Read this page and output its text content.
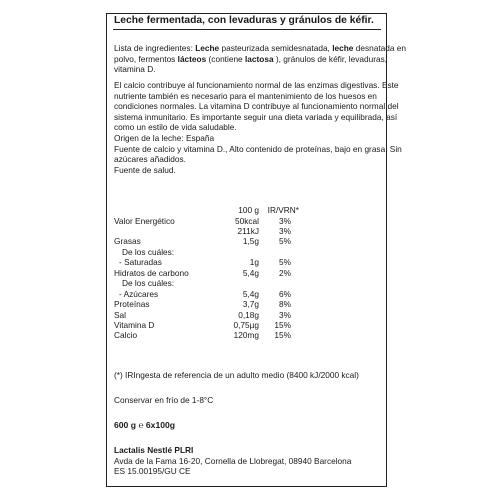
Leche fermentada, con levaduras y gránulos de kéfir.
Lista de ingredientes: Leche pasteurizada semidesnatada, leche desnatada en
polvo, fermentos lácteos (contiene lactosa ), gránulos de kéfir, levaduras,
vitamina D.
El calcio contribuye al funcionamiento normal de las enzimas digestivas. Este
nutriente también es necesario para el mantenimiento de los huesos en
condiciones normales. La vitamina D contribuye al funcionamiento normal del
sistema inmunitario. Es importante seguir una dieta variada y equilibrada, así
como un estilo de vida saludable.
Origen de la leche: España
Fuente de calcio y vitamina D., Alto contenido de proteínas, bajo en grasa. Sin
azúcares añadidos.
Fuente de salud.
100 g IR/VRN*
Valor Energético	50kcal 3%
211kJ 3%
Grasas	1,5g 5%
De los cuáles:
- Saturadas	1g 5%
Hidratos de carbono	5,4g 2%
De los cuáles:
- Azúcares	5,4g 6%
Proteínas	3,7g 8%
Sal	0,18g 3%
Vitamina D	0,75µg 15%
Calcio	120mg 15%
(*) IRIngesta de referencia de un adulto medio (8400 kJ/2000 kcal)
Conservar en frío de 1-8°C
600 g ℮ 6x100g
Lactalis Nestlé PLRI
Avda de la Fama 16-20, Cornella de Llobregat, 08940 Barcelona
ES 15.00195/GU CE
